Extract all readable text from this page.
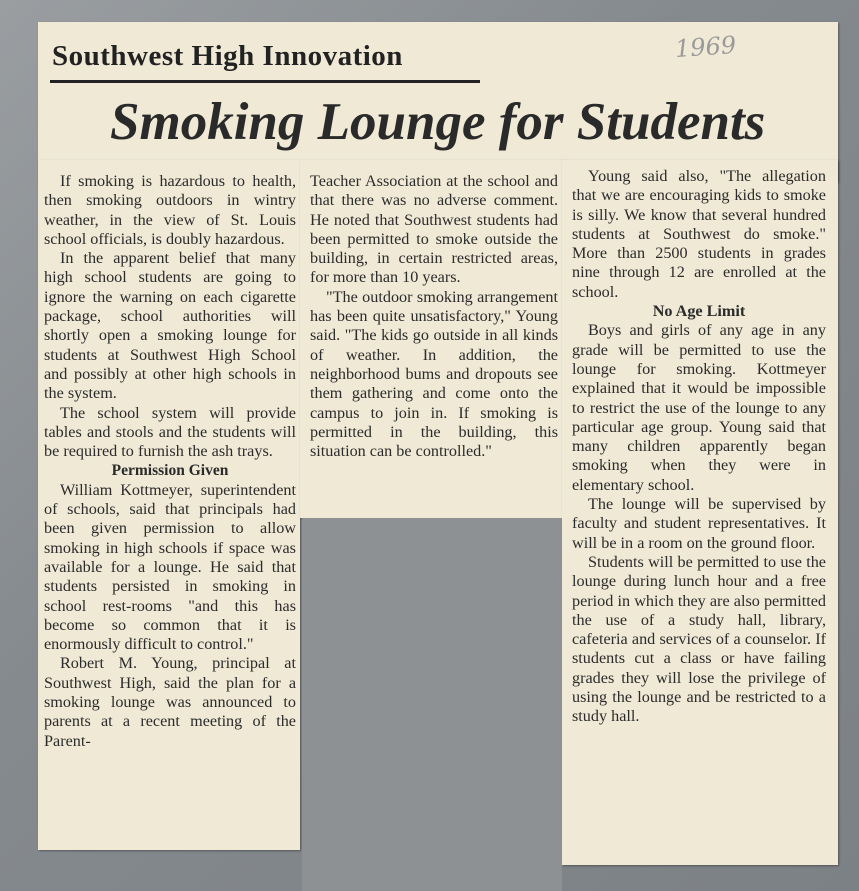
Southwest High Innovation	1969
Smoking Lounge for Students

If smoking is hazardous to health, then smoking outdoors in wintry weather, in the view of St. Louis school officials, is doubly hazardous.

In the apparent belief that many high school students are going to ignore the warning on each cigarette package, school authorities will shortly open a smoking lounge for students at Southwest High School and possibly at other high schools in the system.

The school system will provide tables and stools and the students will be required to furnish the ash trays.

Permission Given

William Kottmeyer, superintendent of schools, said that principals had been given permission to allow smoking in high schools if space was available for a lounge. He said that students persisted in smoking in school rest-rooms "and this has become so common that it is enormously difficult to control."

Robert M. Young, principal at Southwest High, said the plan for a smoking lounge was announced to parents at a recent meeting of the Parent-

Teacher Association at the school and that there was no adverse comment. He noted that Southwest students had been permitted to smoke outside the building, in certain restricted areas, for more than 10 years.

"The outdoor smoking arrangement has been quite unsatisfactory," Young said. "The kids go outside in all kinds of weather. In addition, the neighborhood bums and dropouts see them gathering and come onto the campus to join in. If smoking is permitted in the building, this situation can be controlled."

Young said also, "The allegation that we are encouraging kids to smoke is silly. We know that several hundred students at Southwest do smoke." More than 2500 students in grades nine through 12 are enrolled at the school.

No Age Limit

Boys and girls of any age in any grade will be permitted to use the lounge for smoking. Kottmeyer explained that it would be impossible to restrict the use of the lounge to any particular age group. Young said that many children apparently began smoking when they were in elementary school.

The lounge will be supervised by faculty and student representatives. It will be in a room on the ground floor.

Students will be permitted to use the lounge during lunch hour and a free period in which they are also permitted the use of a study hall, library, cafeteria and services of a counselor. If students cut a class or have failing grades they will lose the privilege of using the lounge and be restricted to a study hall.
